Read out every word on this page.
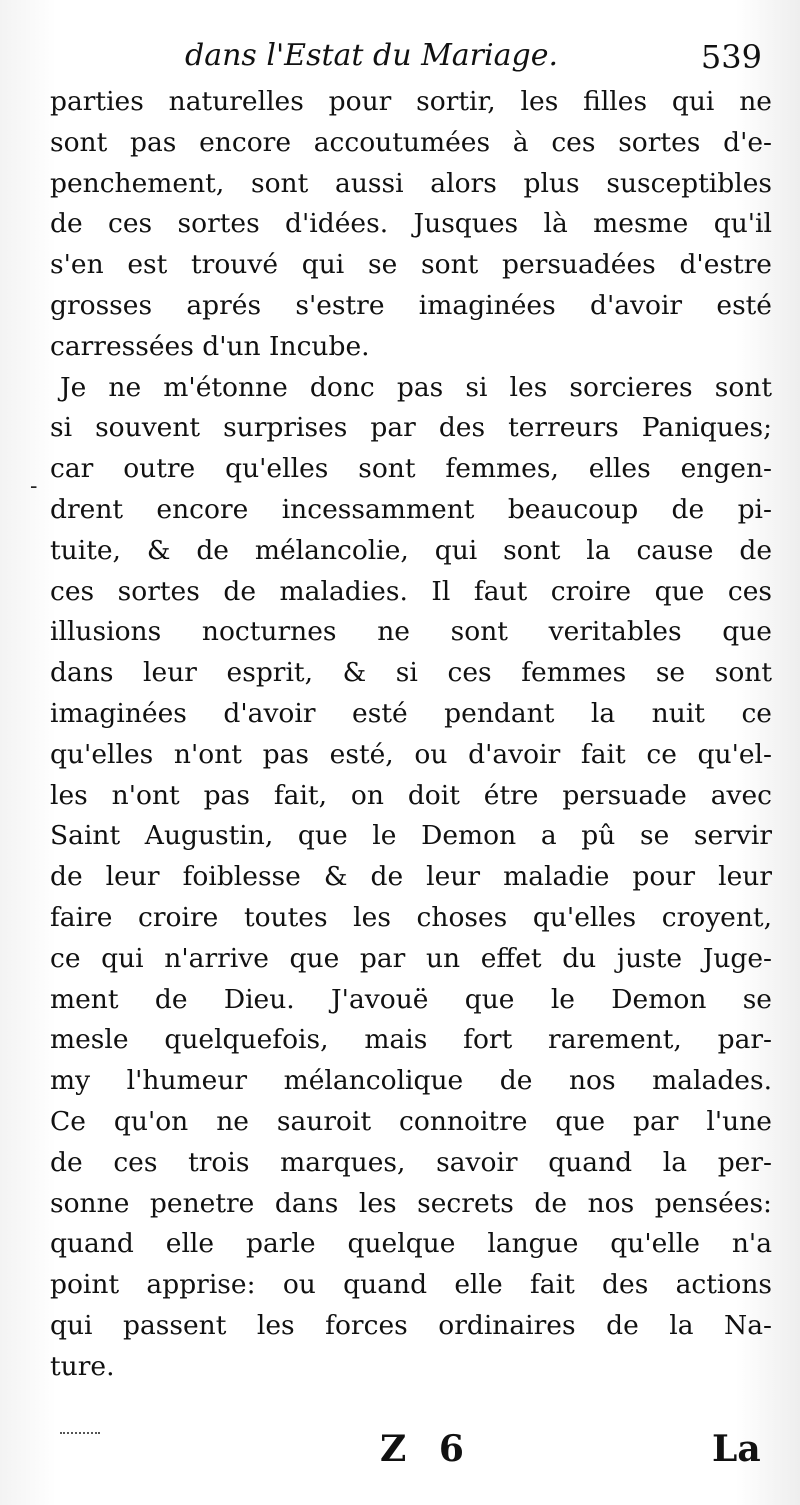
dans l'Estat du Mariage.	539
-
parties naturelles pour sortir, les filles qui ne
sont pas encore accoutumées à ces sortes d'e-
penchement, sont aussi alors plus susceptibles
de ces sortes d'idées. Jusques là mesme qu'il
s'en est trouvé qui se sont persuadées d'estre
grosses aprés s'estre imaginées d'avoir esté
carressées d'un Incube.
Je ne m'étonne donc pas si les sorcieres sont
si souvent surprises par des terreurs Paniques;
car outre qu'elles sont femmes, elles engen-
drent encore incessamment beaucoup de pi-
tuite, & de mélancolie, qui sont la cause de
ces sortes de maladies. Il faut croire que ces
illusions nocturnes ne sont veritables que
dans leur esprit, & si ces femmes se sont
imaginées d'avoir esté pendant la nuit ce
qu'elles n'ont pas esté, ou d'avoir fait ce qu'el-
les n'ont pas fait, on doit étre persuade avec
Saint Augustin, que le Demon a pû se servir
de leur foiblesse & de leur maladie pour leur
faire croire toutes les choses qu'elles croyent,
ce qui n'arrive que par un effet du juste Juge-
ment de Dieu. J'avouë que le Demon se
mesle quelquefois, mais fort rarement, par-
my l'humeur mélancolique de nos malades.
Ce qu'on ne sauroit connoitre que par l'une
de ces trois marques, savoir quand la per-
sonne penetre dans les secrets de nos pensées:
quand elle parle quelque langue qu'elle n'a
point apprise: ou quand elle fait des actions
qui passent les forces ordinaires de la Na-
ture.
Z 6	La
